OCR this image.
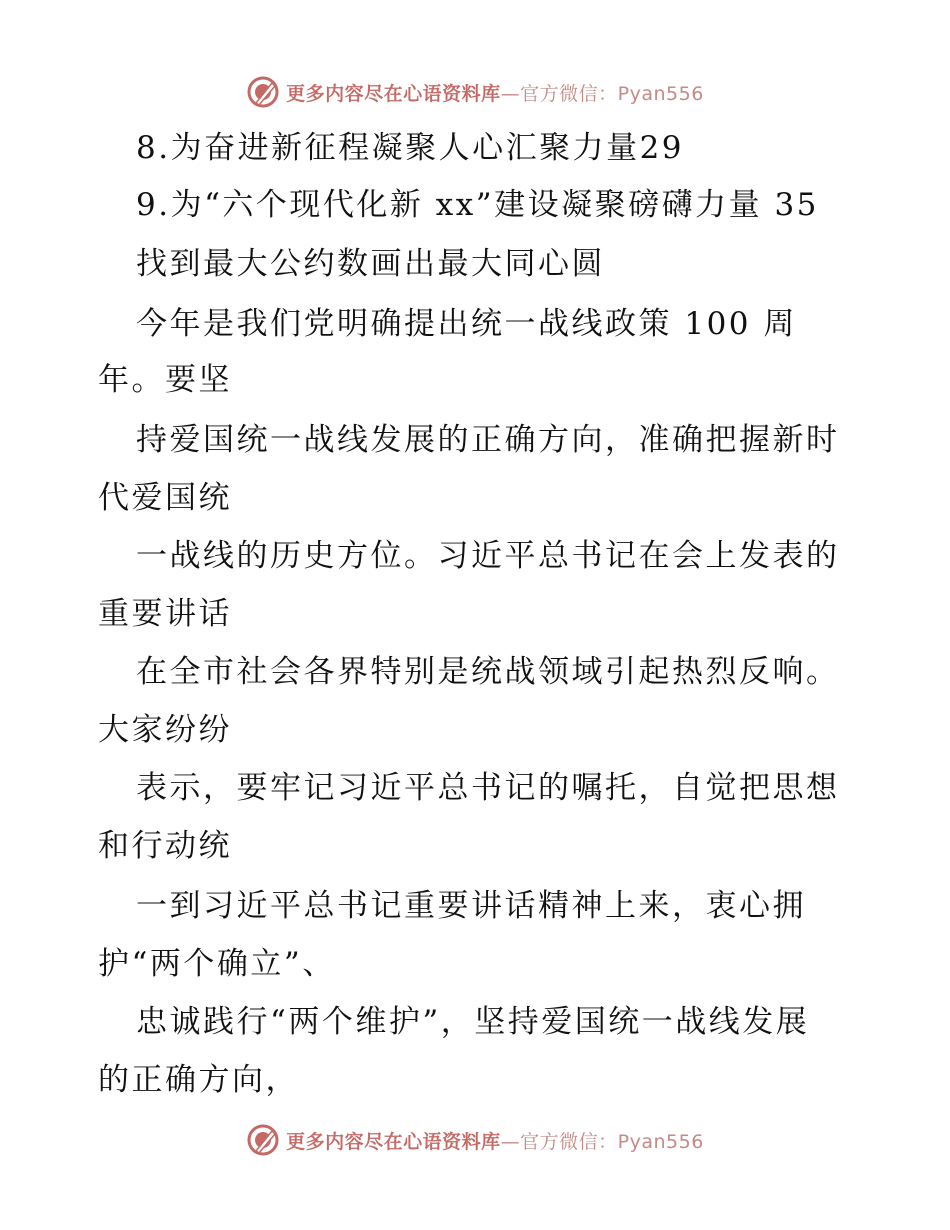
更多内容尽在心语资料库—官方微信：Pyan556
8.为奋进新征程凝聚人心汇聚力量29
9.为“六个现代化新 xx”建设凝聚磅礴力量 35
找到最大公约数画出最大同心圆
今年是我们党明确提出统一战线政策 100 周
年。要坚
持爱国统一战线发展的正确方向，准确把握新时
代爱国统
一战线的历史方位。习近平总书记在会上发表的
重要讲话
在全市社会各界特别是统战领域引起热烈反响。
大家纷纷
表示，要牢记习近平总书记的嘱托，自觉把思想
和行动统
一到习近平总书记重要讲话精神上来，衷心拥
护“两个确立”、
忠诚践行“两个维护”，坚持爱国统一战线发展
的正确方向，
更多内容尽在心语资料库—官方微信：Pyan556
